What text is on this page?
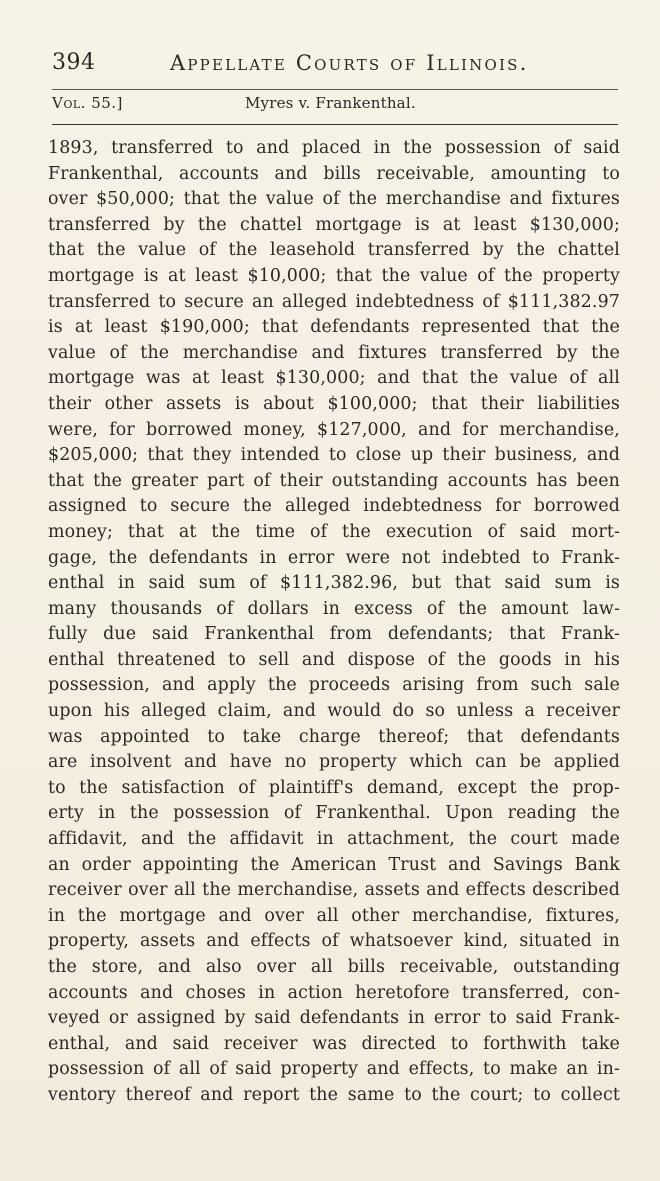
394	Appellate Courts of Illinois.
Vol. 55.]	Myres v. Frankenthal.
1893, transferred to and placed in the possession of said
Frankenthal, accounts and bills receivable, amounting to
over $50,000; that the value of the merchandise and fixtures
transferred by the chattel mortgage is at least $130,000;
that the value of the leasehold transferred by the chattel
mortgage is at least $10,000; that the value of the property
transferred to secure an alleged indebtedness of $111,382.97
is at least $190,000; that defendants represented that the
value of the merchandise and fixtures transferred by the
mortgage was at least $130,000; and that the value of all
their other assets is about $100,000; that their liabilities
were, for borrowed money, $127,000, and for merchandise,
$205,000; that they intended to close up their business, and
that the greater part of their outstanding accounts has been
assigned to secure the alleged indebtedness for borrowed
money; that at the time of the execution of said mort-
gage, the defendants in error were not indebted to Frank-
enthal in said sum of $111,382.96, but that said sum is
many thousands of dollars in excess of the amount law-
fully due said Frankenthal from defendants; that Frank-
enthal threatened to sell and dispose of the goods in his
possession, and apply the proceeds arising from such sale
upon his alleged claim, and would do so unless a receiver
was appointed to take charge thereof; that defendants
are insolvent and have no property which can be applied
to the satisfaction of plaintiff's demand, except the prop-
erty in the possession of Frankenthal. Upon reading the
affidavit, and the affidavit in attachment, the court made
an order appointing the American Trust and Savings Bank
receiver over all the merchandise, assets and effects described
in the mortgage and over all other merchandise, fixtures,
property, assets and effects of whatsoever kind, situated in
the store, and also over all bills receivable, outstanding
accounts and choses in action heretofore transferred, con-
veyed or assigned by said defendants in error to said Frank-
enthal, and said receiver was directed to forthwith take
possession of all of said property and effects, to make an in-
ventory thereof and report the same to the court; to collect
